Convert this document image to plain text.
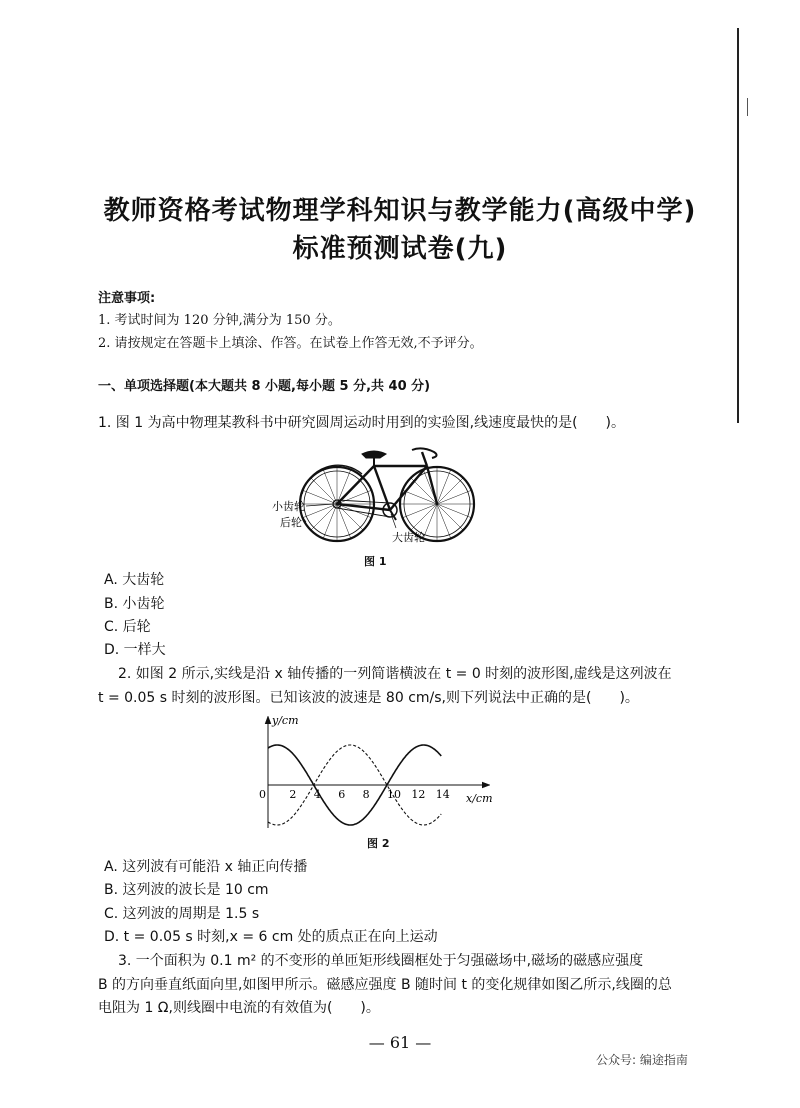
教师资格考试物理学科知识与教学能力(高级中学)
标准预测试卷(九)
注意事项:
1. 考试时间为 120 分钟,满分为 150 分。
2. 请按规定在答题卡上填涂、作答。在试卷上作答无效,不予评分。
一、单项选择题(本大题共 8 小题,每小题 5 分,共 40 分)
1. 图 1 为高中物理某教科书中研究圆周运动时用到的实验图,线速度最快的是(　　)。
小齿轮
后轮
大齿轮
图 1
A. 大齿轮
B. 小齿轮
C. 后轮
D. 一样大
2. 如图 2 所示,实线是沿 x 轴传播的一列简谐横波在 t = 0 时刻的波形图,虚线是这列波在
t = 0.05 s 时刻的波形图。已知该波的波速是 80 cm/s,则下列说法中正确的是(　　)。
y/cm
x/cm
0 2 4 6 8 10 12 14
图 2
A. 这列波有可能沿 x 轴正向传播
B. 这列波的波长是 10 cm
C. 这列波的周期是 1.5 s
D. t = 0.05 s 时刻,x = 6 cm 处的质点正在向上运动
3. 一个面积为 0.1 m² 的不变形的单匝矩形线圈框处于匀强磁场中,磁场的磁感应强度
B 的方向垂直纸面向里,如图甲所示。磁感应强度 B 随时间 t 的变化规律如图乙所示,线圈的总
电阻为 1 Ω,则线圈中电流的有效值为(　　)。
— 61 —
公众号: 编途指南
